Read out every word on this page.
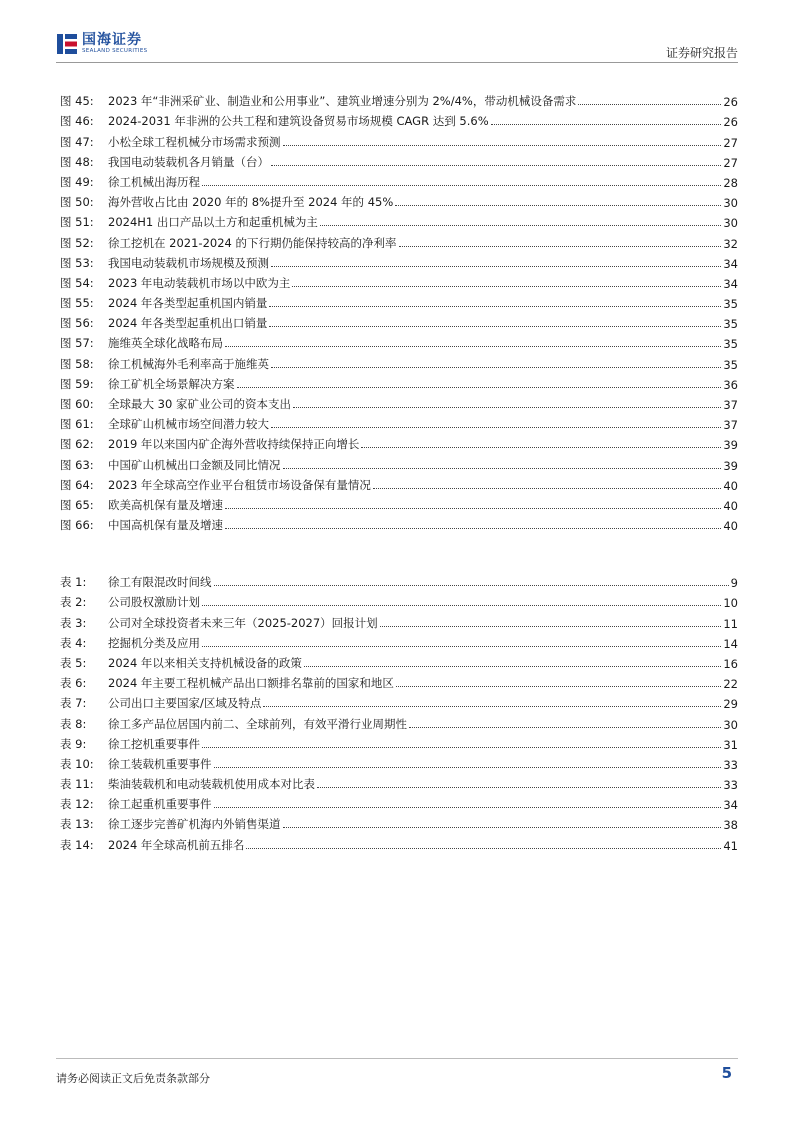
国海证券
SEALAND SECURITIES	证券研究报告
图 45:	2023 年“非洲采矿业、制造业和公用事业”、建筑业增速分别为 2%/4%，带动机械设备需求	26
图 46:	2024-2031 年非洲的公共工程和建筑设备贸易市场规模 CAGR 达到 5.6%	26
图 47:	小松全球工程机械分市场需求预测	27
图 48:	我国电动装载机各月销量（台）	27
图 49:	徐工机械出海历程	28
图 50:	海外营收占比由 2020 年的 8%提升至 2024 年的 45%	30
图 51:	2024H1 出口产品以土方和起重机械为主	30
图 52:	徐工挖机在 2021-2024 的下行期仍能保持较高的净利率	32
图 53:	我国电动装载机市场规模及预测	34
图 54:	2023 年电动装载机市场以中欧为主	34
图 55:	2024 年各类型起重机国内销量	35
图 56:	2024 年各类型起重机出口销量	35
图 57:	施维英全球化战略布局	35
图 58:	徐工机械海外毛利率高于施维英	35
图 59:	徐工矿机全场景解决方案	36
图 60:	全球最大 30 家矿业公司的资本支出	37
图 61:	全球矿山机械市场空间潜力较大	37
图 62:	2019 年以来国内矿企海外营收持续保持正向增长	39
图 63:	中国矿山机械出口金额及同比情况	39
图 64:	2023 年全球高空作业平台租赁市场设备保有量情况	40
图 65:	欧美高机保有量及增速	40
图 66:	中国高机保有量及增速	40
表 1:	徐工有限混改时间线	9
表 2:	公司股权激励计划	10
表 3:	公司对全球投资者未来三年（2025-2027）回报计划	11
表 4:	挖掘机分类及应用	14
表 5:	2024 年以来相关支持机械设备的政策	16
表 6:	2024 年主要工程机械产品出口额排名靠前的国家和地区	22
表 7:	公司出口主要国家/区域及特点	29
表 8:	徐工多产品位居国内前二、全球前列，有效平滑行业周期性	30
表 9:	徐工挖机重要事件	31
表 10:	徐工装载机重要事件	33
表 11:	柴油装载机和电动装载机使用成本对比表	33
表 12:	徐工起重机重要事件	34
表 13:	徐工逐步完善矿机海内外销售渠道	38
表 14:	2024 年全球高机前五排名	41
请务必阅读正文后免责条款部分	5
